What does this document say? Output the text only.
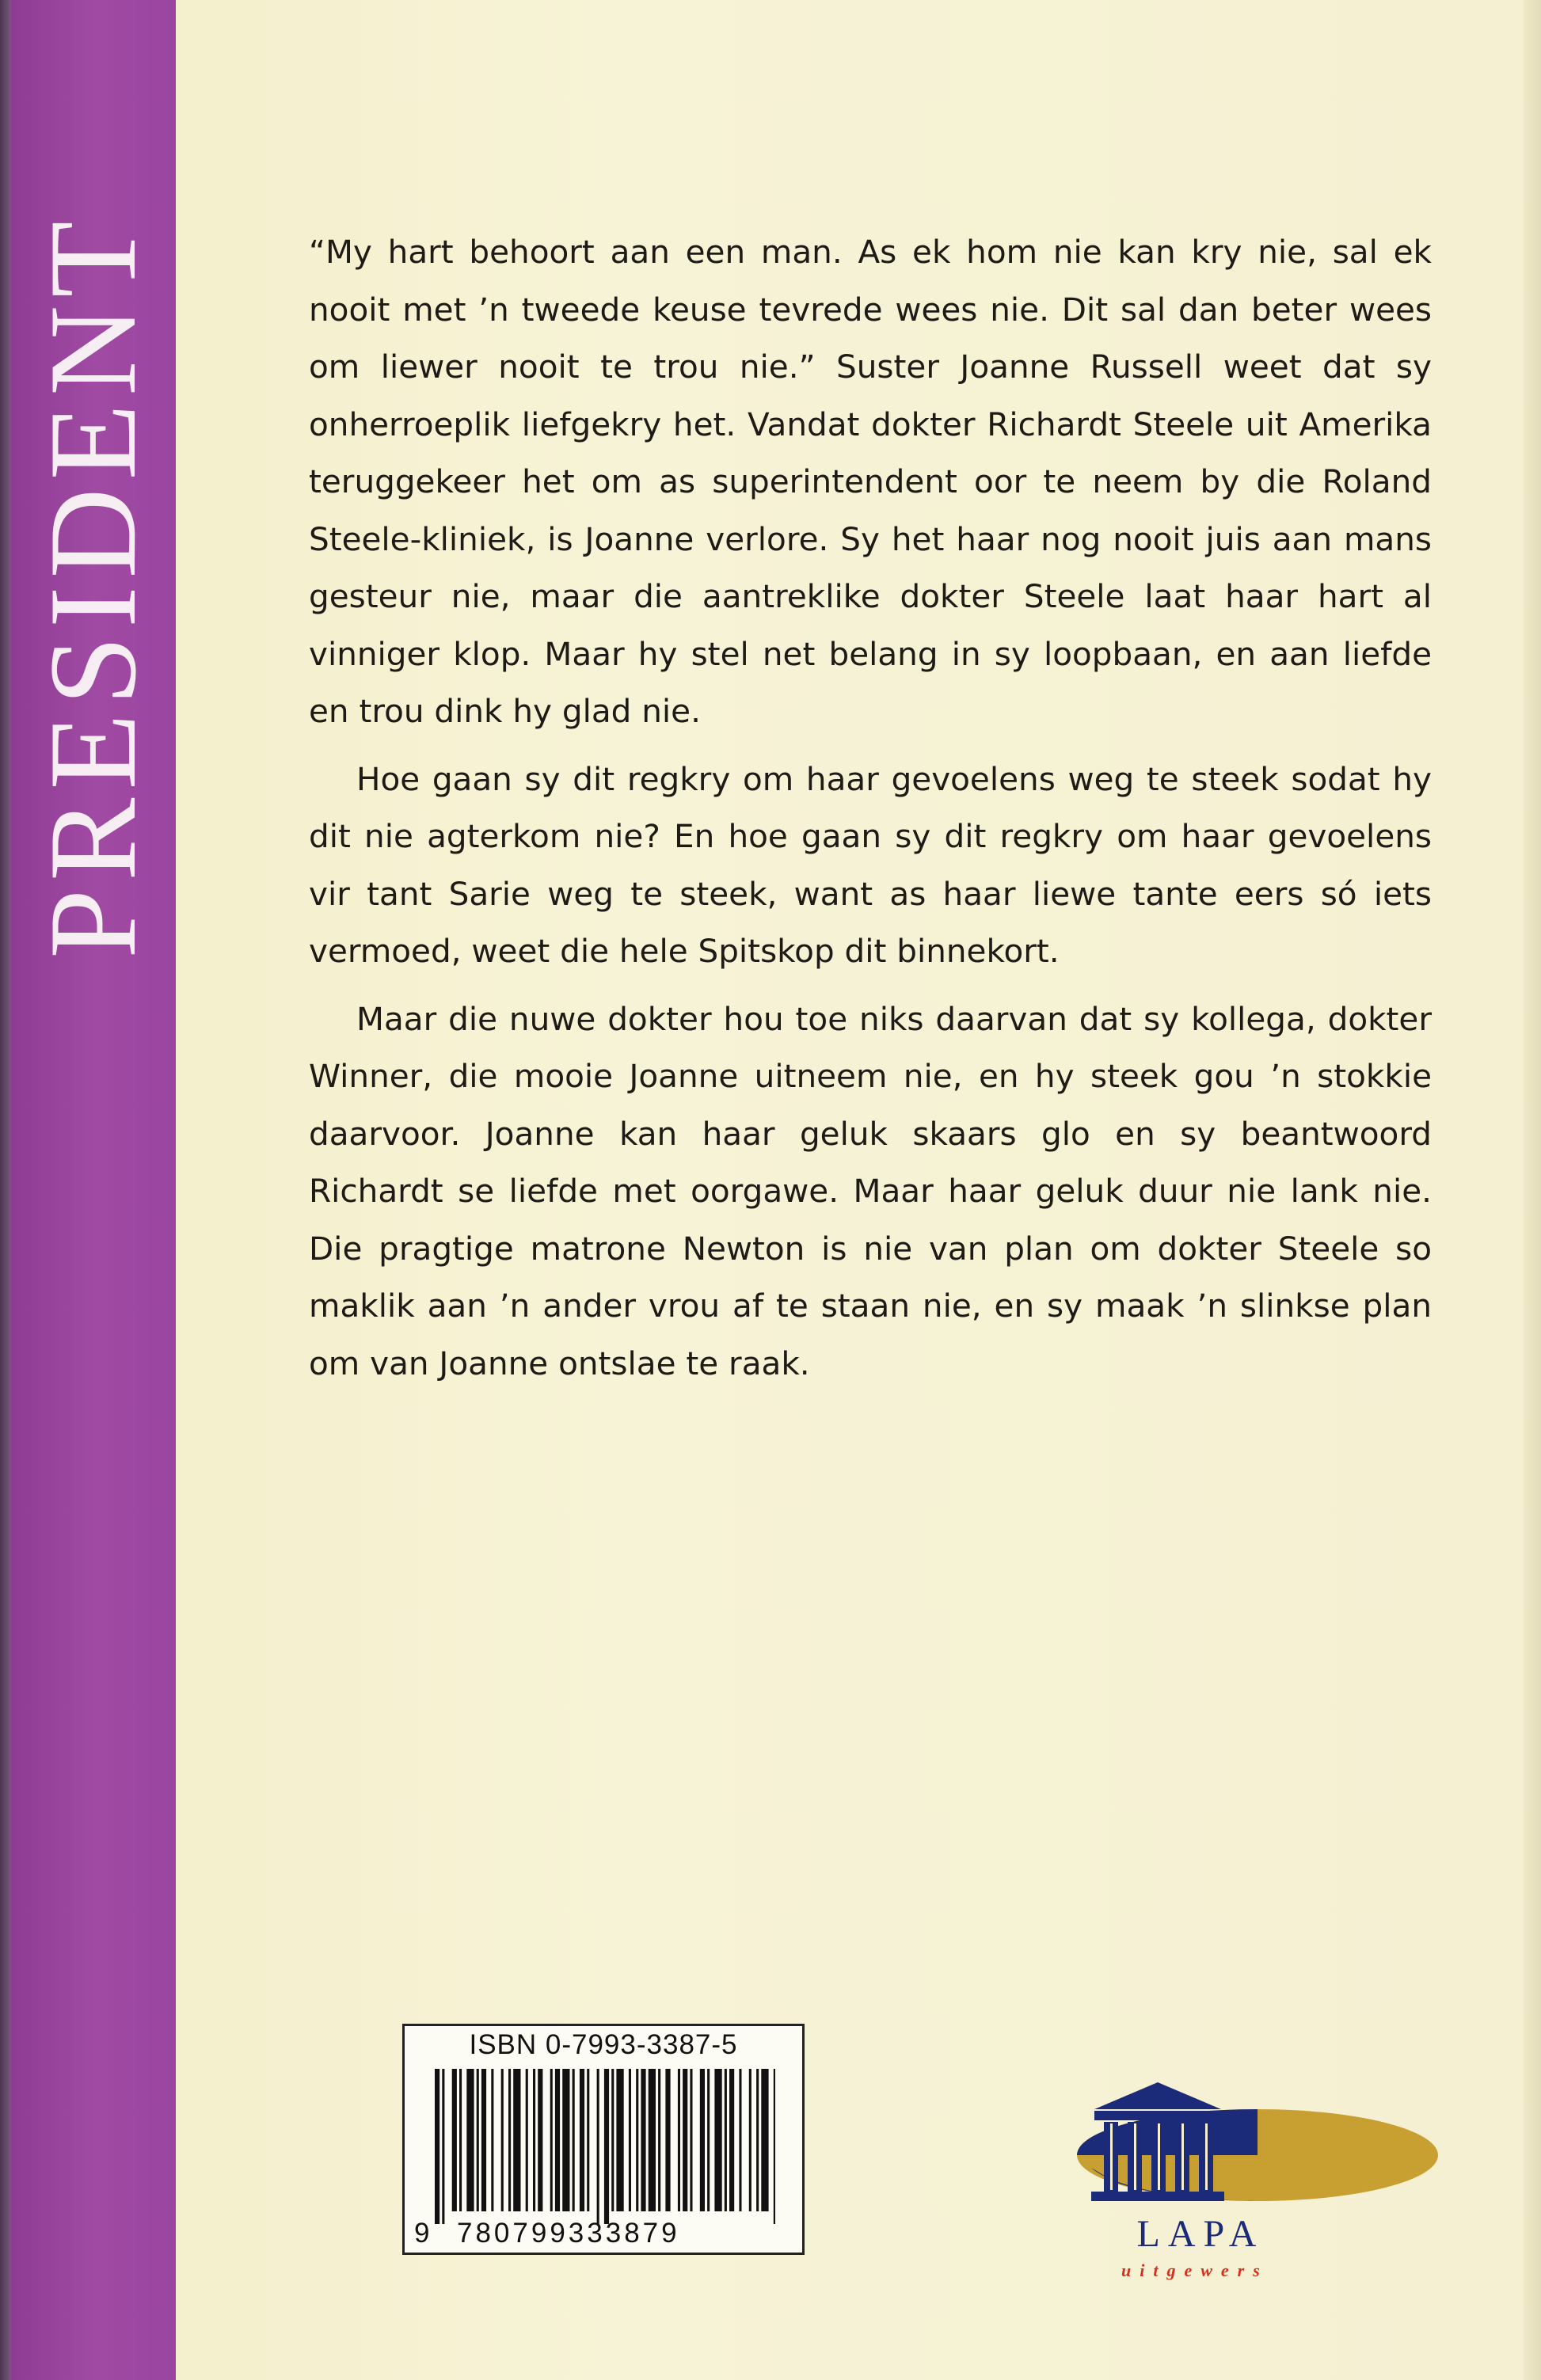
PRESIDENT	“My hart behoort aan een man. As ek hom nie kan kry nie, sal ek nooit met ’n tweede keuse tevrede wees nie. Dit sal dan beter wees om liewer nooit te trou nie.” Suster Joanne Russell weet dat sy onherroeplik liefgekry het. Vandat dokter Richardt Steele uit Amerika teruggekeer het om as superintendent oor te neem by die Roland Steele-kliniek, is Joanne verlore. Sy het haar nog nooit juis aan mans gesteur nie, maar die aantreklike dokter Steele laat haar hart al vinniger klop. Maar hy stel net belang in sy loopbaan, en aan liefde en trou dink hy glad nie.

Hoe gaan sy dit regkry om haar gevoelens weg te steek sodat hy dit nie agterkom nie? En hoe gaan sy dit regkry om haar gevoelens vir tant Sarie weg te steek, want as haar liewe tante eers só iets vermoed, weet die hele Spitskop dit binnekort.

Maar die nuwe dokter hou toe niks daarvan dat sy kollega, dokter Winner, die mooie Joanne uitneem nie, en hy steek gou ’n stokkie daarvoor. Joanne kan haar geluk skaars glo en sy beantwoord Richardt se liefde met oorgawe. Maar haar geluk duur nie lank nie. Die pragtige matrone Newton is nie van plan om dokter Steele so maklik aan ’n ander vrou af te staan nie, en sy maak ’n slinkse plan om van Joanne ontslae te raak.

ISBN 0-7993-3387-5
9 780799333879	LAPA
uitgewers
